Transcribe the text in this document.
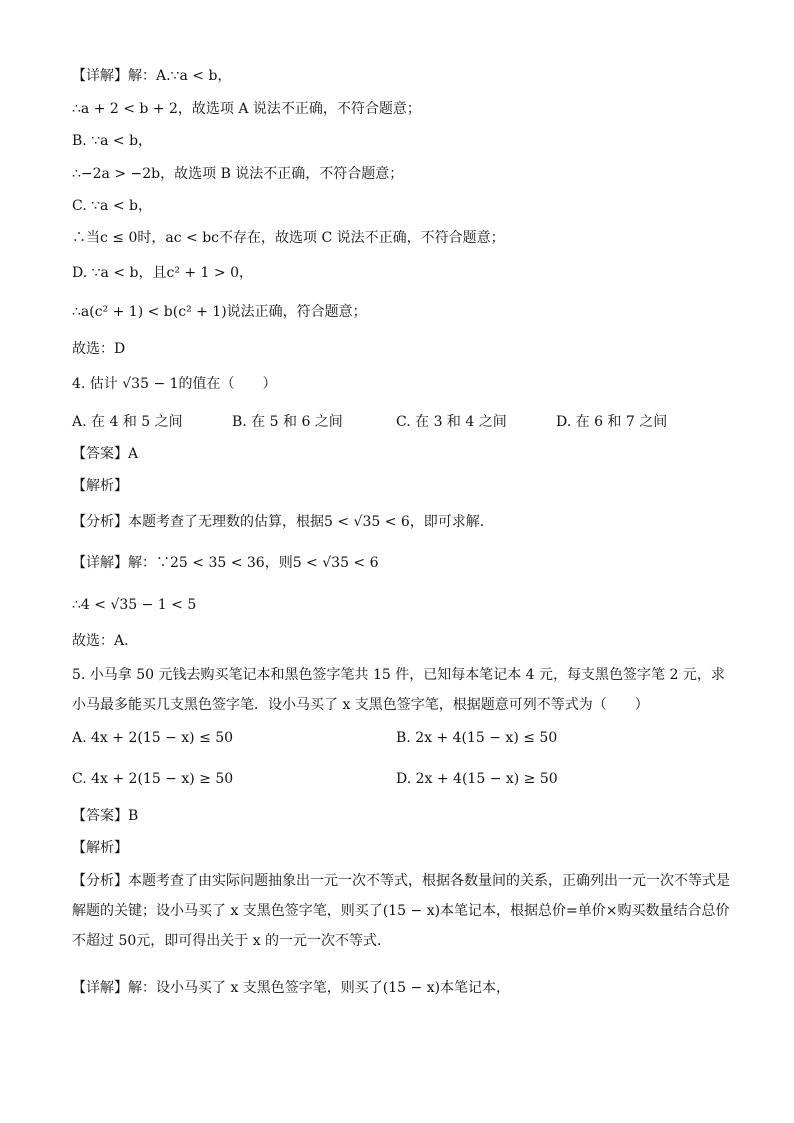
【详解】解：A.∵a < b，
∴a + 2 < b + 2，故选项 A 说法不正确，不符合题意；
B. ∵a < b，
∴−2a > −2b，故选项 B 说法不正确，不符合题意；
C. ∵a < b，
∴当c ≤ 0时，ac < bc不存在，故选项 C 说法不正确，不符合题意；
D. ∵a < b，且c² + 1 > 0，
∴a(c² + 1) < b(c² + 1)说法正确，符合题意；
故选：D
4. 估计 √35 − 1的值在（　　）
A. 在 4 和 5 之间	B. 在 5 和 6 之间	C. 在 3 和 4 之间	D. 在 6 和 7 之间
【答案】A
【解析】
【分析】本题考查了无理数的估算，根据5 < √35 < 6，即可求解．
【详解】解：∵25 < 35 < 36，则5 < √35 < 6
∴4 < √35 − 1 < 5
故选：A．
5. 小马拿 50 元钱去购买笔记本和黑色签字笔共 15 件，已知每本笔记本 4 元，每支黑色签字笔 2 元，求小马最多能买几支黑色签字笔．设小马买了 x 支黑色签字笔，根据题意可列不等式为（　　）
A. 4x + 2(15 − x) ≤ 50	B. 2x + 4(15 − x) ≤ 50
C. 4x + 2(15 − x) ≥ 50	D. 2x + 4(15 − x) ≥ 50
【答案】B
【解析】
【分析】本题考查了由实际问题抽象出一元一次不等式，根据各数量间的关系，正确列出一元一次不等式是解题的关键；设小马买了 x 支黑色签字笔，则买了(15 − x)本笔记本，根据总价=单价×购买数量结合总价不超过 50元，即可得出关于 x 的一元一次不等式．
【详解】解：设小马买了 x 支黑色签字笔，则买了(15 − x)本笔记本，
